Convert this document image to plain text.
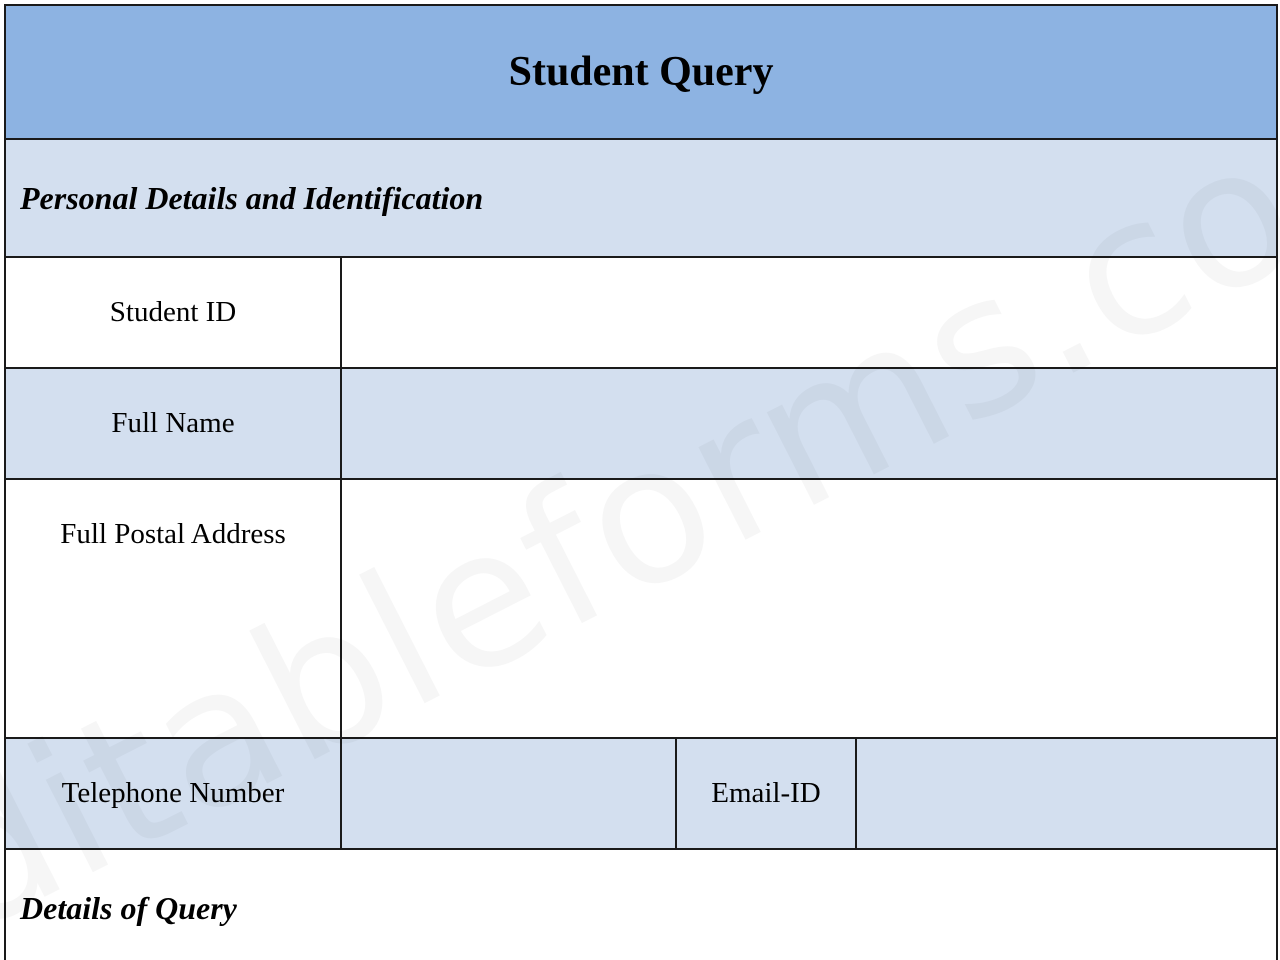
Student Query			
Personal Details and Identification			
Student ID			
Full Name			
Full Postal Address			
Telephone Number		Email-ID	
Details of Query			
